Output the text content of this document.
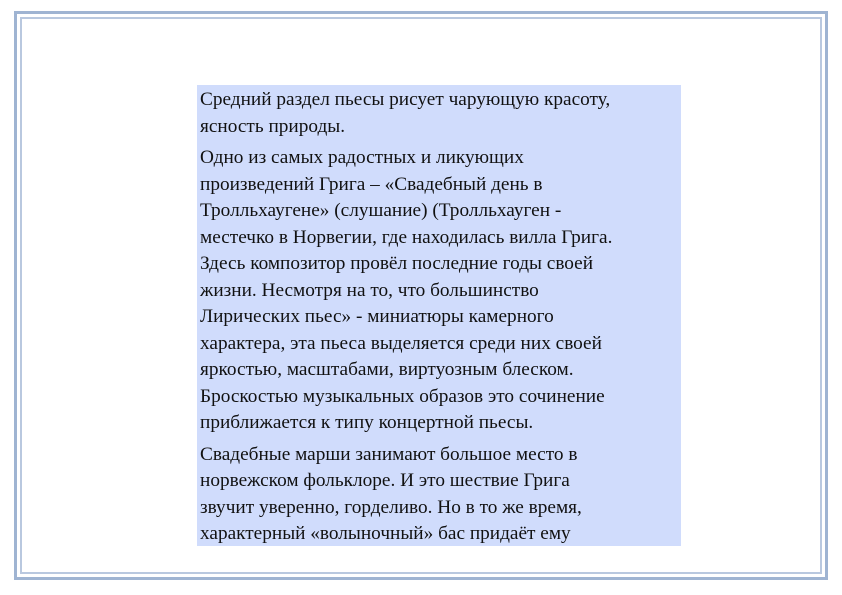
Средний раздел пьесы рисует чарующую красоту,
ясность природы.

Одно из самых радостных и ликующих
произведений Грига – «Свадебный день в
Тролльхаугене» (слушание) (Тролльхауген -
местечко в Норвегии, где находилась вилла Грига.
Здесь композитор провёл последние годы своей
жизни. Несмотря на то, что большинство
Лирических пьес» - миниатюры камерного
характера, эта пьеса выделяется среди них своей
яркостью, масштабами, виртуозным блеском.
Броскостью музыкальных образов это сочинение
приближается к типу концертной пьесы.

Свадебные марши занимают большое место в
норвежском фольклоре. И это шествие Грига
звучит уверенно, горделиво. Но в то же время,
характерный «волыночный» бас придаёт ему
